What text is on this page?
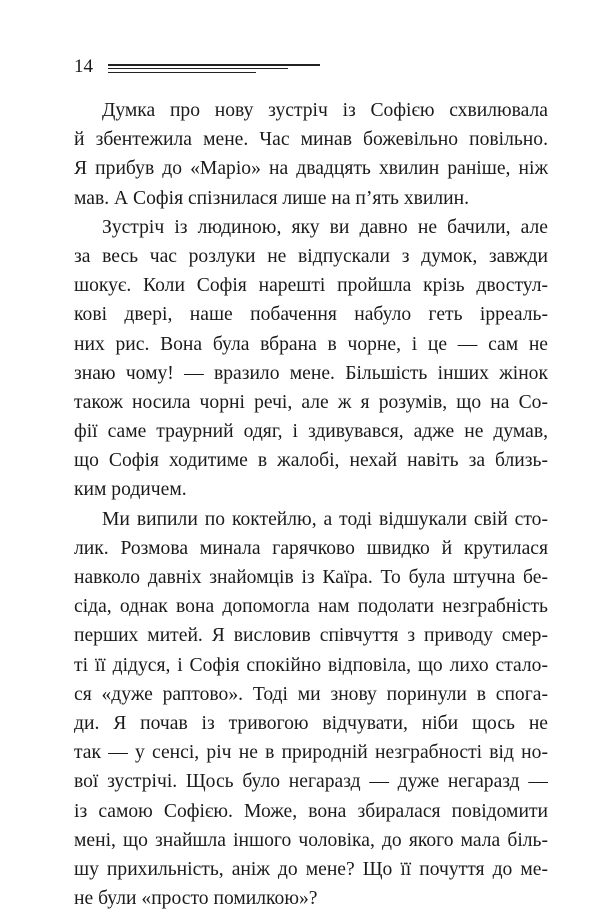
14
Думка про нову зустріч із Софією схвилювала
й збентежила мене. Час минав божевільно повільно.
Я прибув до «Маріо» на двадцять хвилин раніше, ніж
мав. А Софія спізнилася лише на п’ять хвилин.
Зустріч із людиною, яку ви давно не бачили, але
за весь час розлуки не відпускали з думок, завжди
шокує. Коли Софія нарешті пройшла крізь двостул-
кові двері, наше побачення набуло геть ірреаль-
них рис. Вона була вбрана в чорне, і це — сам не
знаю чому! — вразило мене. Більшість інших жінок
також носила чорні речі, але ж я розумів, що на Со-
фії саме траурний одяг, і здивувався, адже не думав,
що Софія ходитиме в жалобі, нехай навіть за близь-
ким родичем.
Ми випили по коктейлю, а тоді відшукали свій сто-
лик. Розмова минала гарячково швидко й крутилася
навколо давніх знайомців із Каїра. То була штучна бе-
сіда, однак вона допомогла нам подолати незграбність
перших митей. Я висловив співчуття з приводу смер-
ті її дідуся, і Софія спокійно відповіла, що лихо стало-
ся «дуже раптово». Тоді ми знову поринули в спога-
ди. Я почав із тривогою відчувати, ніби щось не
так — у сенсі, річ не в природній незграбності від но-
вої зустрічі. Щось було негаразд — дуже негаразд —
із самою Софією. Може, вона збиралася повідомити
мені, що знайшла іншого чоловіка, до якого мала біль-
шу прихильність, аніж до мене? Що її почуття до ме-
не були «просто помилкою»?
